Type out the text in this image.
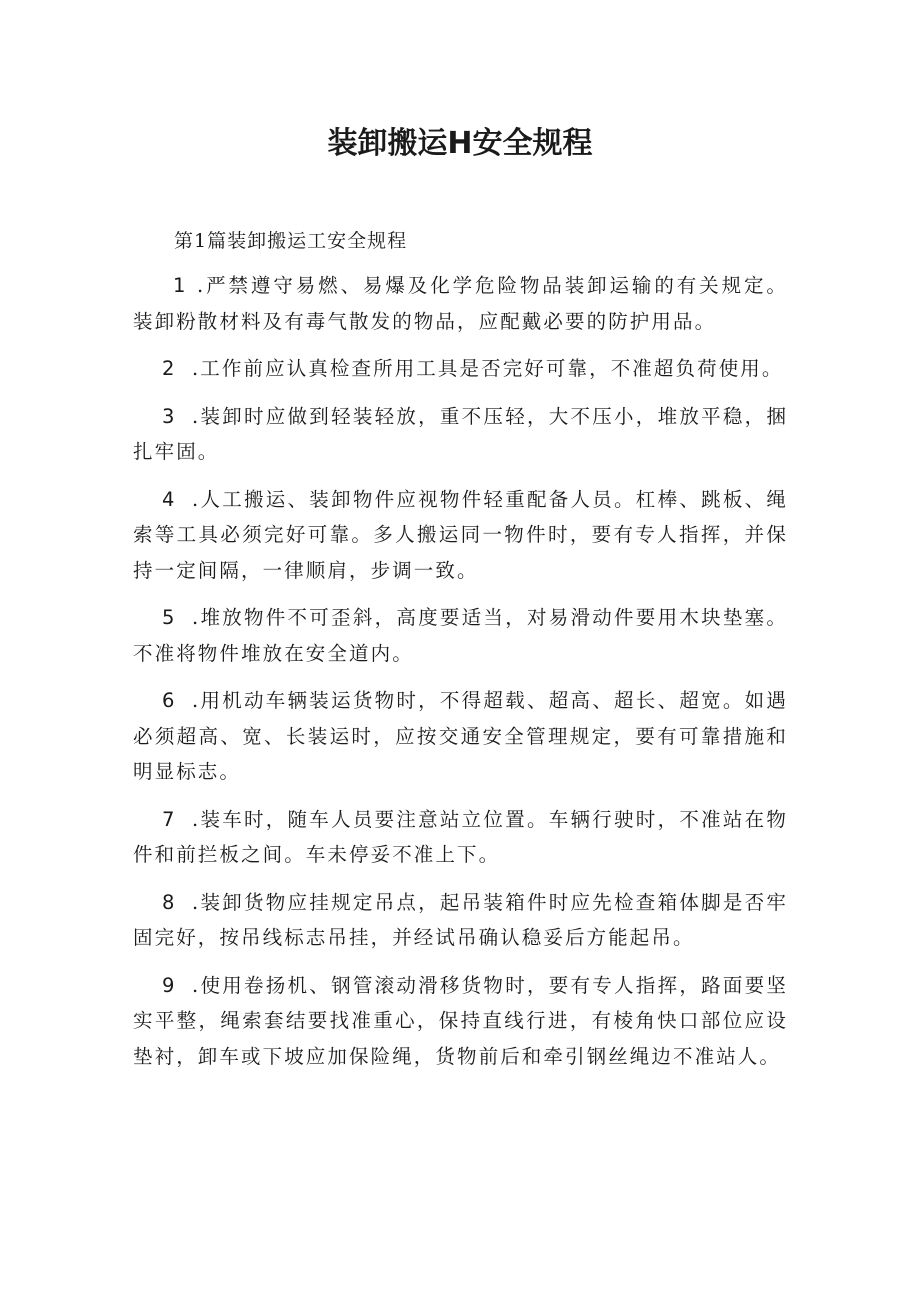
装卸搬运H安全规程

第1篇装卸搬运工安全规程

1 .严禁遵守易燃、易爆及化学危险物品装卸运输的有关规定。装卸粉散材料及有毒气散发的物品，应配戴必要的防护用品。
2 .工作前应认真检查所用工具是否完好可靠，不准超负荷使用。
3 .装卸时应做到轻装轻放，重不压轻，大不压小，堆放平稳，捆扎牢固。
4 .人工搬运、装卸物件应视物件轻重配备人员。杠棒、跳板、绳索等工具必须完好可靠。多人搬运同一物件时，要有专人指挥，并保持一定间隔，一律顺肩，步调一致。
5 .堆放物件不可歪斜，高度要适当，对易滑动件要用木块垫塞。不准将物件堆放在安全道内。
6 .用机动车辆装运货物时，不得超载、超高、超长、超宽。如遇必须超高、宽、长装运时，应按交通安全管理规定，要有可靠措施和明显标志。
7 .装车时，随车人员要注意站立位置。车辆行驶时，不准站在物件和前拦板之间。车未停妥不准上下。
8 .装卸货物应挂规定吊点，起吊装箱件时应先检查箱体脚是否牢固完好，按吊线标志吊挂，并经试吊确认稳妥后方能起吊。
9 .使用卷扬机、钢管滚动滑移货物时，要有专人指挥，路面要坚实平整，绳索套结要找准重心，保持直线行进，有棱角快口部位应设垫衬，卸车或下坡应加保险绳，货物前后和牵引钢丝绳边不准站人。
